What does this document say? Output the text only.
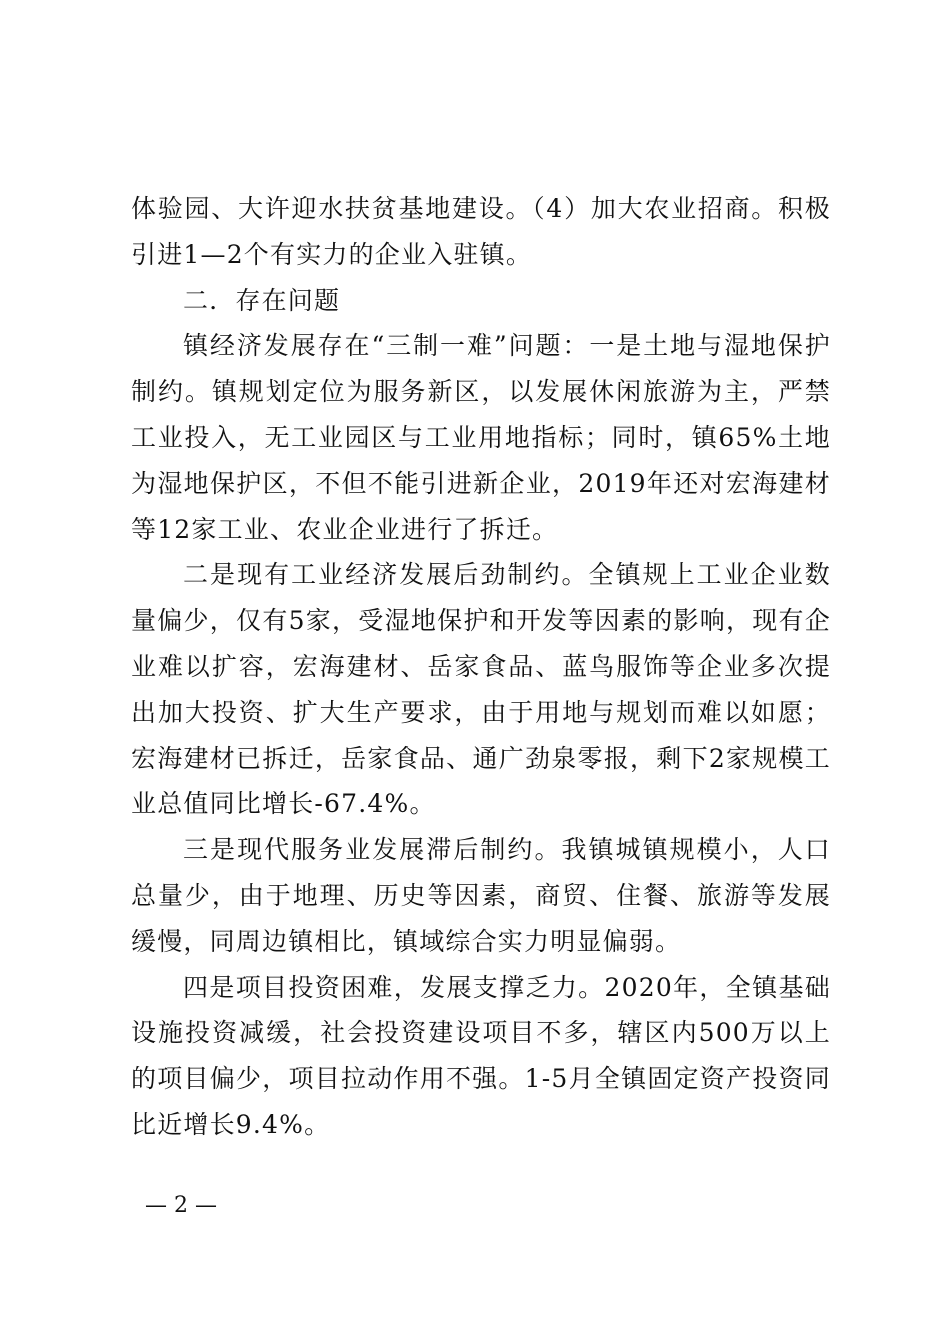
体验园、大许迎水扶贫基地建设。（4）加大农业招商。积极引进1—2个有实力的企业入驻镇。

二．存在问题

镇经济发展存在“三制一难”问题：一是土地与湿地保护制约。镇规划定位为服务新区，以发展休闲旅游为主，严禁工业投入，无工业园区与工业用地指标；同时，镇65%土地为湿地保护区，不但不能引进新企业，2019年还对宏海建材等12家工业、农业企业进行了拆迁。

二是现有工业经济发展后劲制约。全镇规上工业企业数量偏少，仅有5家，受湿地保护和开发等因素的影响，现有企业难以扩容，宏海建材、岳家食品、蓝鸟服饰等企业多次提出加大投资、扩大生产要求，由于用地与规划而难以如愿；宏海建材已拆迁，岳家食品、通广劲泉零报，剩下2家规模工业总值同比增长-67.4%。

三是现代服务业发展滞后制约。我镇城镇规模小，人口总量少，由于地理、历史等因素，商贸、住餐、旅游等发展缓慢，同周边镇相比，镇域综合实力明显偏弱。

四是项目投资困难，发展支撑乏力。2020年，全镇基础设施投资减缓，社会投资建设项目不多，辖区内500万以上的项目偏少，项目拉动作用不强。1-5月全镇固定资产投资同比近增长9.4%。

— 2 —
